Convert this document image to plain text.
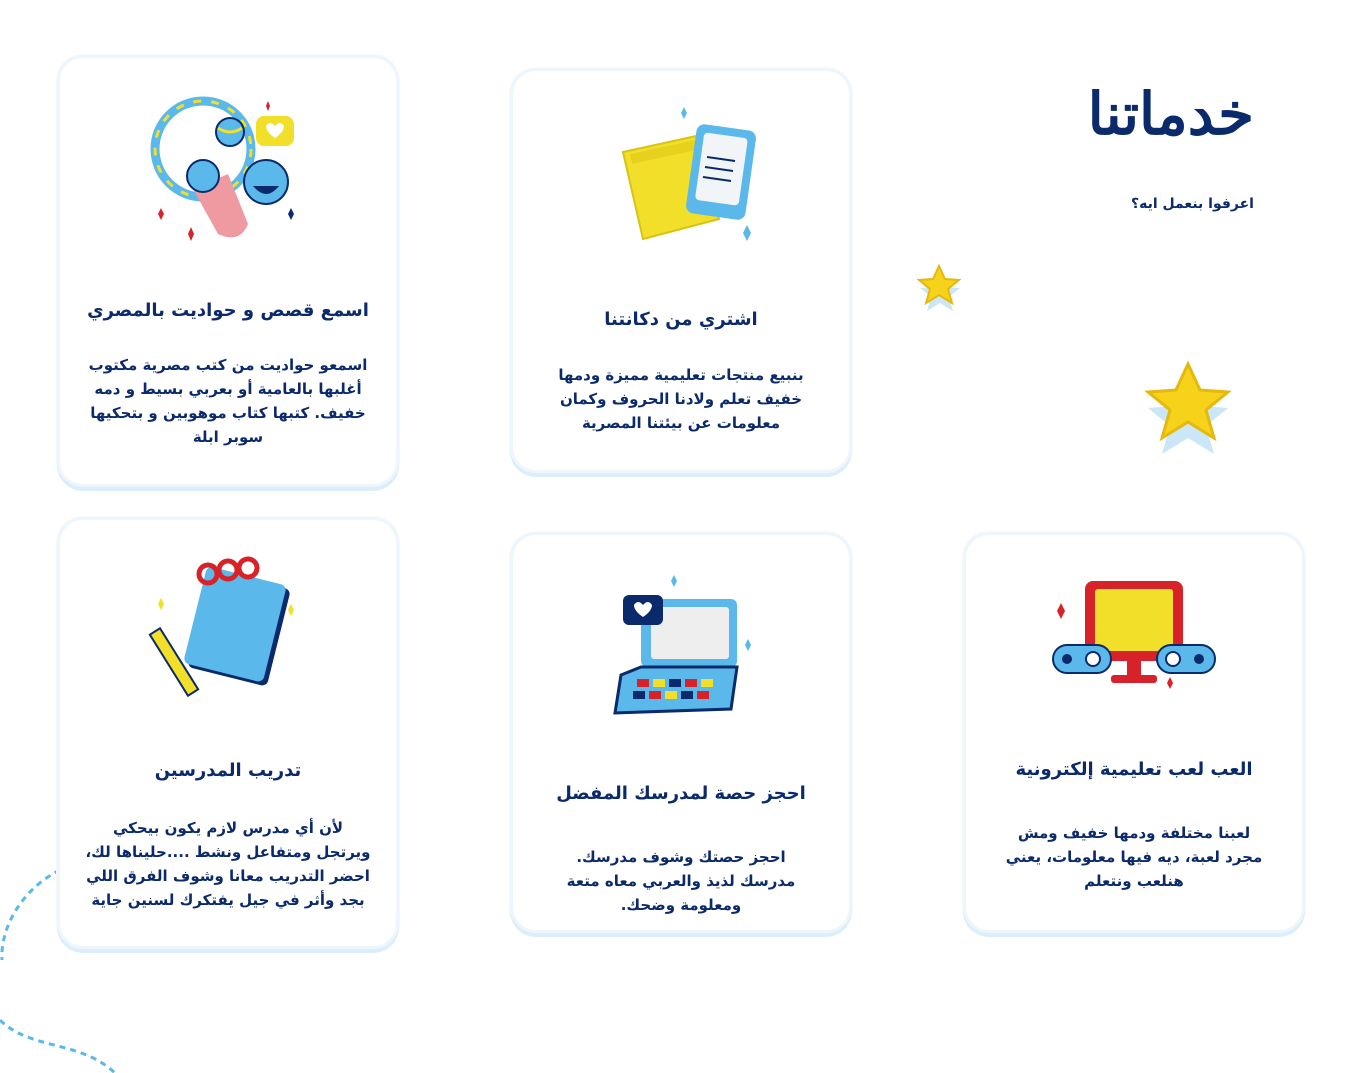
خدماتنا
اعرفوا بنعمل ايه؟
اسمع قصص و حواديت بالمصري
اسمعو حواديت من كتب مصرية مكتوب أغلبها بالعامية أو بعربي بسيط و دمه خفيف. كتبها كتاب موهوبين و بتحكيها سوبر ابلة
اشتري من دكانتنا
بنبيع منتجات تعليمية مميزة ودمها خفيف تعلم ولادنا الحروف وكمان معلومات عن بيئتنا المصرية
تدريب المدرسين
لأن أي مدرس لازم يكون بيحكي ويرتجل ومتفاعل ونشط ....حليناها لك، احضر التدريب معانا وشوف الفرق اللي بجد وأثر في جيل يفتكرك لسنين جاية
احجز حصة لمدرسك المفضل
احجز حصتك وشوف مدرسك. مدرسك لذيذ والعربي معاه متعة ومعلومة وضحك.
العب لعب تعليمية إلكترونية
لعبنا مختلفة ودمها خفيف ومش مجرد لعبة، ديه فيها معلومات، يعني هنلعب ونتعلم
